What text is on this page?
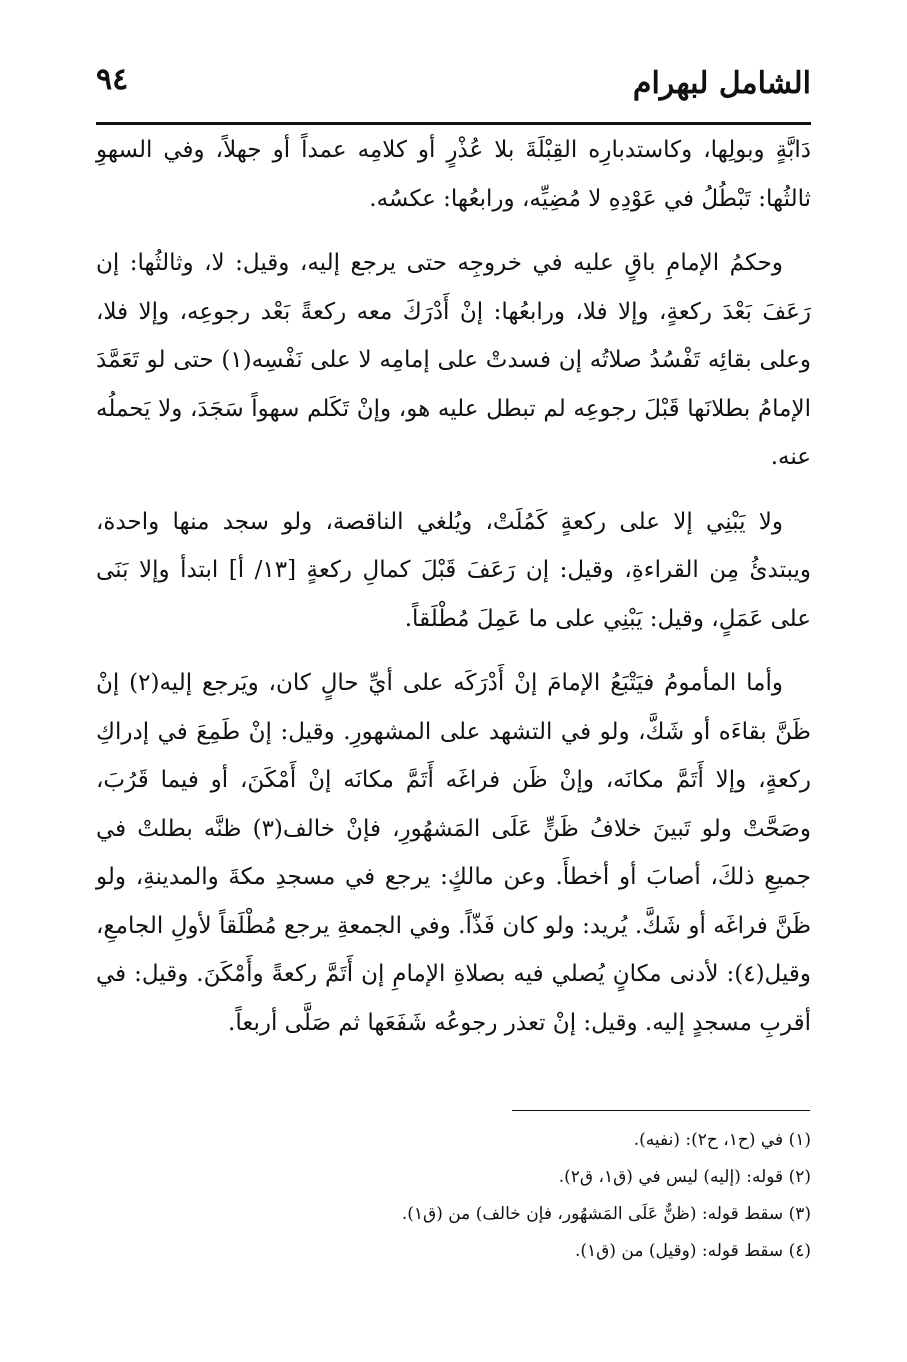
الشامل لبهرام
٩٤

دَابَّةٍ وبولِها، وكاستدبارِه القِبْلَةَ بلا عُذْرٍ أو كلامِه عمداً أو جهلاً، وفي السهوِ ثالثُها: تَبْطُلُ في عَوْدِهِ لا مُضِيِّه، ورابعُها: عكسُه.

وحكمُ الإمامِ باقٍ عليه في خروجِه حتى يرجع إليه، وقيل: لا، وثالثُها: إن رَعَفَ بَعْدَ ركعةٍ، وإلا فلا، ورابعُها: إنْ أَدْرَكَ معه ركعةً بَعْد رجوعِه، وإلا فلا، وعلى بقائِه تَفْسُدُ صلاتُه إن فسدتْ على إمامِه لا على نَفْسِه(١) حتى لو تَعَمَّدَ الإمامُ بطلانَها قَبْلَ رجوعِه لم تبطل عليه هو، وإنْ تَكَلم سهواً سَجَدَ، ولا يَحملُه عنه.

ولا يَبْنِي إلا على ركعةٍ كَمُلَتْ، ويُلغي الناقصة، ولو سجد منها واحدة، ويبتدئُ مِن القراءةِ، وقيل: إن رَعَفَ قَبْلَ كمالِ ركعةٍ [١٣/ أ] ابتدأ وإلا بَنَى على عَمَلٍ، وقيل: يَبْنِي على ما عَمِلَ مُطْلَقاً.

وأما المأمومُ فيَتْبَعُ الإمامَ إنْ أَدْرَكَه على أيِّ حالٍ كان، ويَرجع إليه(٢) إنْ ظَنَّ بقاءَه أو شَكَّ، ولو في التشهد على المشهورِ. وقيل: إنْ طَمِعَ في إدراكِ ركعةٍ، وإلا أَتَمَّ مكانَه، وإنْ ظَن فراغَه أَتَمَّ مكانَه إنْ أَمْكَنَ، أو فيما قَرُبَ، وصَحَّتْ ولو تَبينَ خلافُ ظَنٍّ عَلَى المَشهُورِ، فإنْ خالف(٣) ظنَّه بطلتْ في جميعِ ذلكَ، أصابَ أو أخطأَ. وعن مالكٍ: يرجع في مسجدِ مكةَ والمدينةِ، ولو ظَنَّ فراغَه أو شَكَّ. يُريد: ولو كان فَذّاً. وفي الجمعةِ يرجع مُطْلَقاً لأولِ الجامعِ، وقيل(٤): لأدنى مكانٍ يُصلي فيه بصلاةِ الإمامِ إن أَتَمَّ ركعةً وأَمْكَنَ. وقيل: في أقربِ مسجدٍ إليه. وقيل: إنْ تعذر رجوعُه شَفَعَها ثم صَلَّى أربعاً.

(١) في (ح١، ح٢): (نفيه).

(٢) قوله: (إليه) ليس في (ق١، ق٢).

(٣) سقط قوله: (ظنٌّ عَلَى المَشهُور، فإن خالف) من (ق١).

(٤) سقط قوله: (وقيل) من (ق١).
